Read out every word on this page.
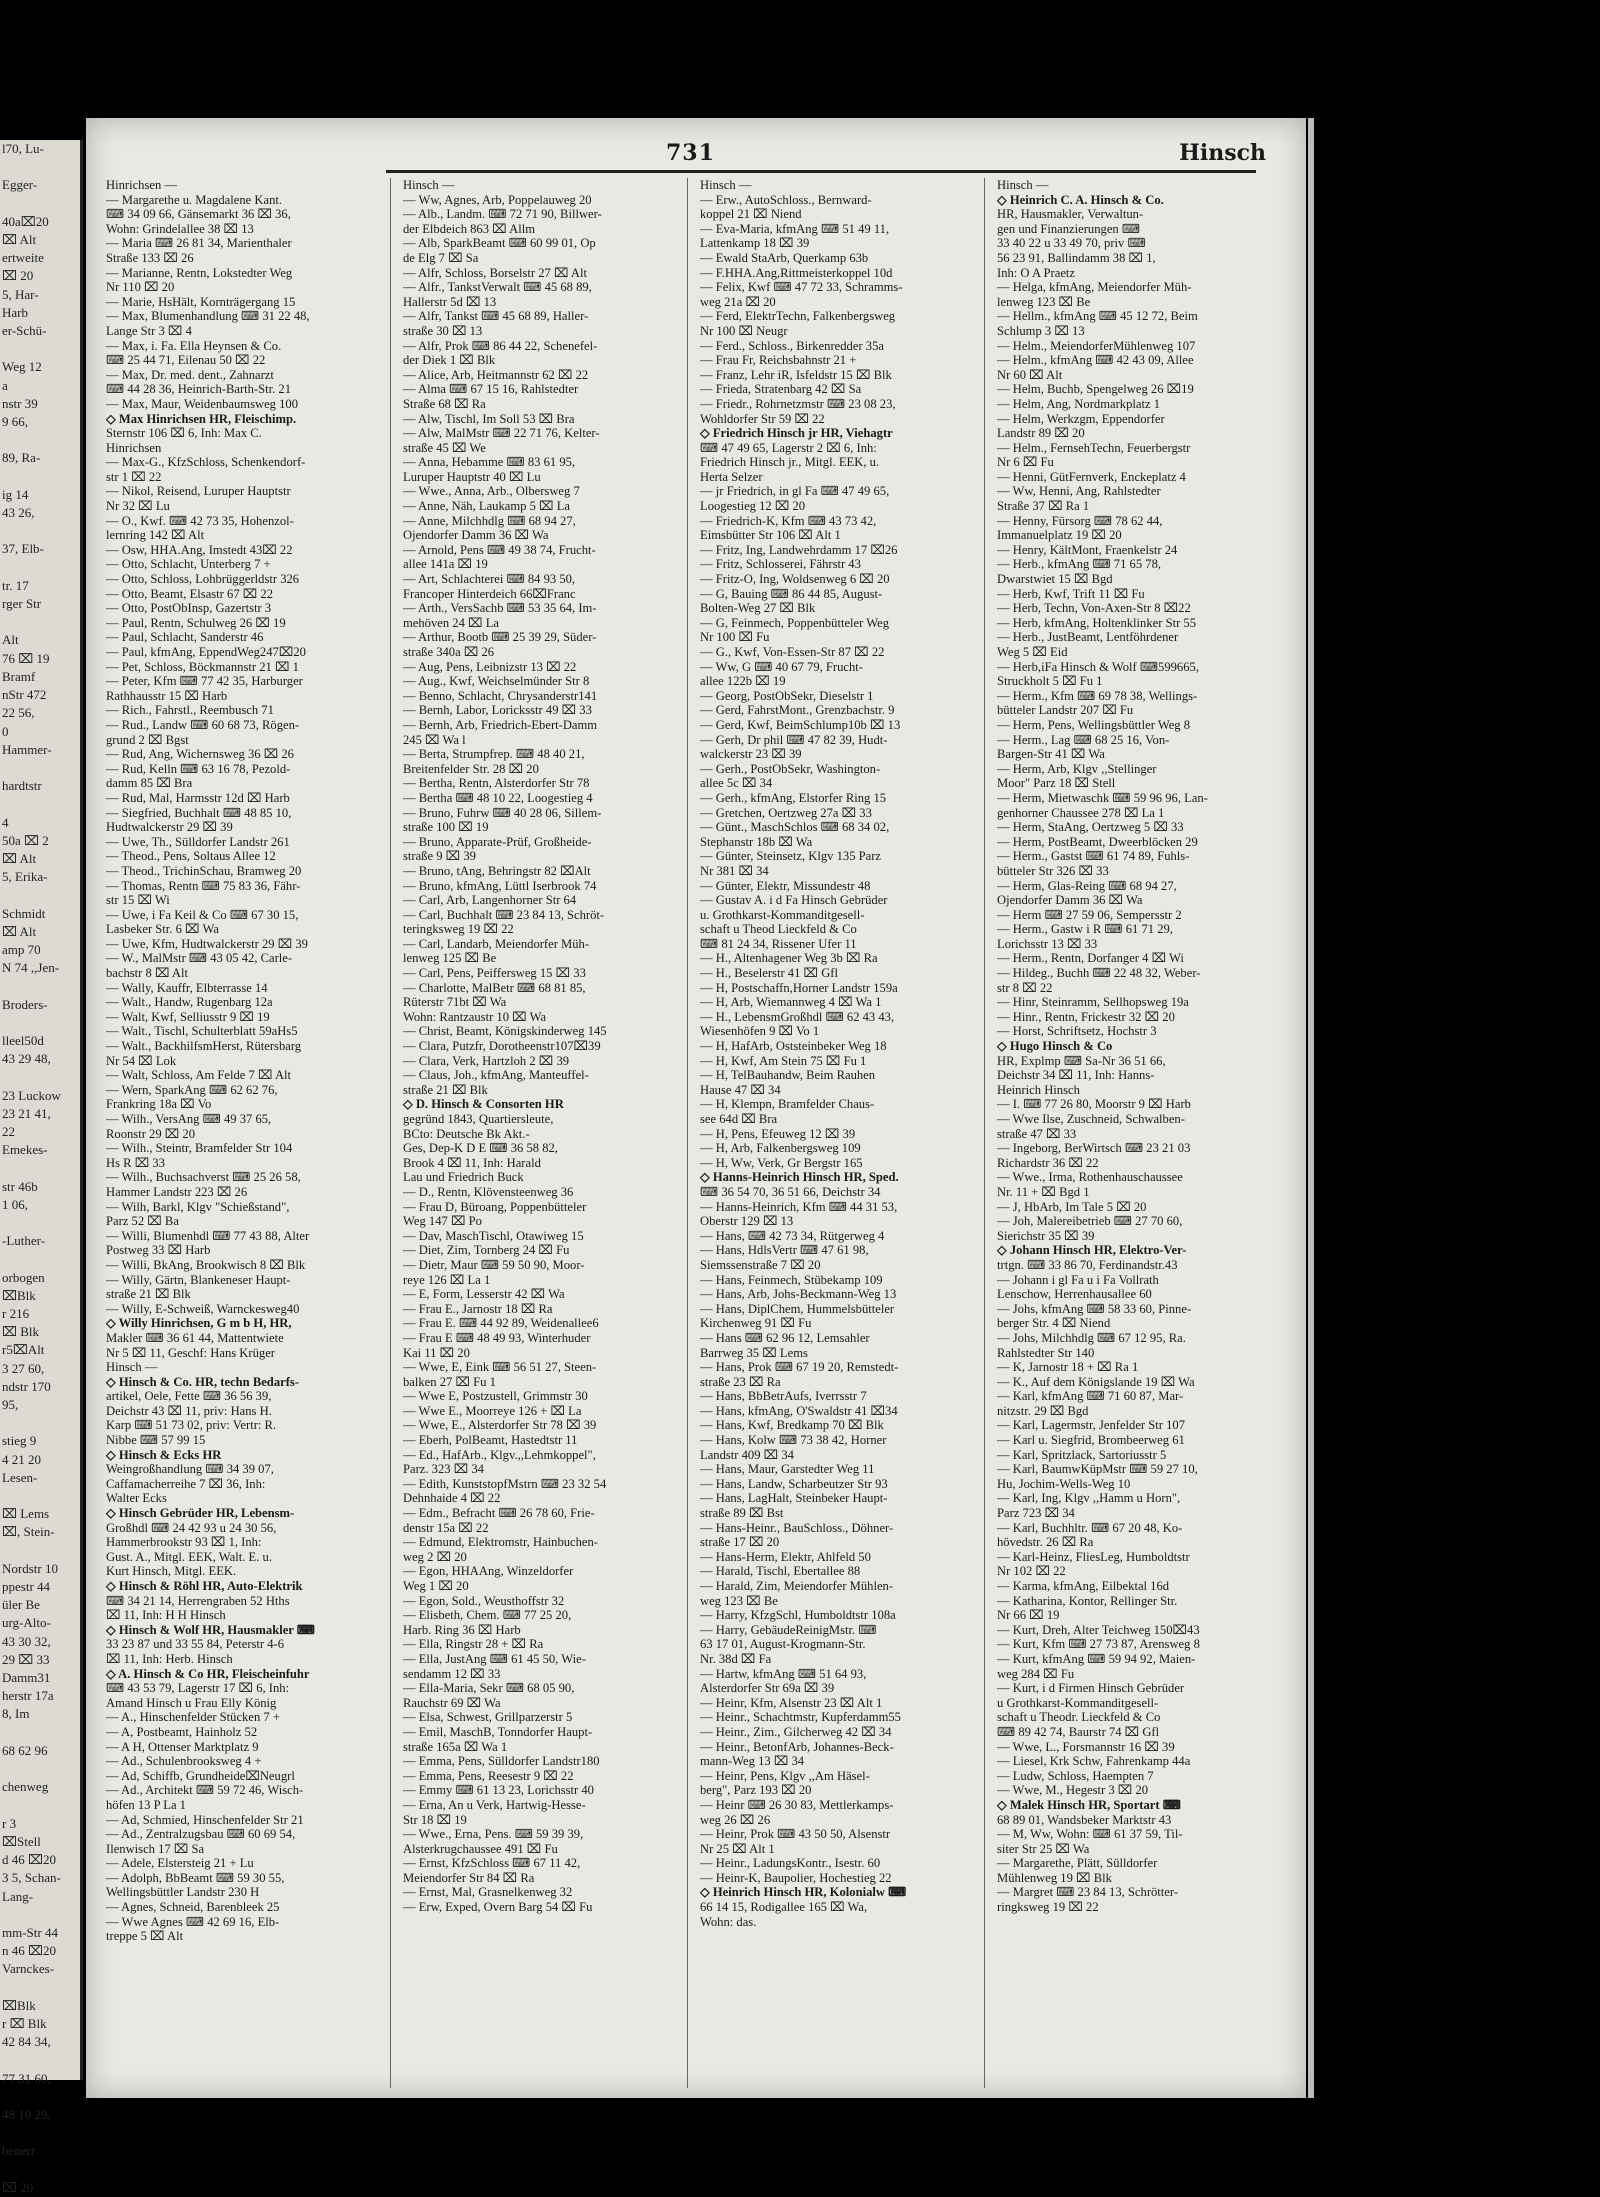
l70, Lu-

Egger-

40a⌧20
⌧ Alt
ertweite
⌧ 20
5, Har-
Harb
er-Schü-

Weg 12
a
nstr 39
9 66,

89, Ra-

ig 14
43 26,

37, Elb-

tr. 17
rger Str

Alt
76 ⌧ 19
Bramf
nStr 472
22 56,
0
Hammer-

hardtstr

4
50a ⌧ 2
⌧ Alt
5, Erika-

Schmidt
⌧ Alt
amp 70
N 74 ,,Jen-

Broders-

lleel50d
43 29 48,

23 Luckow
23 21 41,
22
Emekes-

str 46b
1 06,

-Luther-

orbogen
⌧Blk
r 216
⌧ Blk
r5⌧Alt
3 27 60,
ndstr 170
95,

stieg 9
4 21 20
Lesen-

⌧ Lems
⌧, Stein-

Nordstr 10
ppestr 44
üler Be
urg-Alto-
43 30 32,
29 ⌧ 33
Damm31
herstr 17a
8, Im

68 62 96

chenweg

r 3
⌧Stell
d 46 ⌧20
3 5, Schan-
Lang-

mm-Str 44
n 46 ⌧20
Varnckes-

⌧Blk
r ⌧ Blk
42 84 34,

77 31 60,

48 10 29,

benerr

⌧ 20
731	Hinsch
Hinrichsen —
— Margarethe u. Magdalene Kant.
⌨ 34 09 66, Gänsemarkt 36 ⌧ 36,
Wohn: Grindelallee 38 ⌧ 13
— Maria ⌨ 26 81 34, Marienthaler
Straße 133 ⌧ 26
— Marianne, Rentn, Lokstedter Weg
Nr 110 ⌧ 20
— Marie, HsHält, Kornträgergang 15
— Max, Blumenhandlung ⌨ 31 22 48,
Lange Str 3 ⌧ 4
— Max, i. Fa. Ella Heynsen & Co.
⌨ 25 44 71, Eilenau 50 ⌧ 22
— Max, Dr. med. dent., Zahnarzt
⌨ 44 28 36, Heinrich-Barth-Str. 21
— Max, Maur, Weidenbaumsweg 100
◇ Max Hinrichsen HR, Fleischimp.
Sternstr 106 ⌧ 6, Inh: Max C.
Hinrichsen
— Max-G., KfzSchloss, Schenkendorf-
str 1 ⌧ 22
— Nikol, Reisend, Luruper Hauptstr
Nr 32 ⌧ Lu
— O., Kwf. ⌨ 42 73 35, Hohenzol-
lernring 142 ⌧ Alt
— Osw, HHA.Ang, Imstedt 43⌧ 22
— Otto, Schlacht, Unterberg 7 +
— Otto, Schloss, Lohbrüggerldstr 326
— Otto, Beamt, Elsastr 67 ⌧ 22
— Otto, PostObInsp, Gazertstr 3
— Paul, Rentn, Schulweg 26 ⌧ 19
— Paul, Schlacht, Sanderstr 46
— Paul, kfmAng, EppendWeg247⌧20
— Pet, Schloss, Böckmannstr 21 ⌧ 1
— Peter, Kfm ⌨ 77 42 35, Harburger
Rathhausstr 15 ⌧ Harb
— Rich., Fahrstl., Reembusch 71
— Rud., Landw ⌨ 60 68 73, Rögen-
grund 2 ⌧ Bgst
— Rud, Ang, Wichernsweg 36 ⌧ 26
— Rud, Kelln ⌨ 63 16 78, Pezold-
damm 85 ⌧ Bra
— Rud, Mal, Harmsstr 12d ⌧ Harb
— Siegfried, Buchhalt ⌨ 48 85 10,
Hudtwalckerstr 29 ⌧ 39
— Uwe, Th., Sülldorfer Landstr 261
— Theod., Pens, Soltaus Allee 12
— Theod., TrichinSchau, Bramweg 20
— Thomas, Rentn ⌨ 75 83 36, Fähr-
str 15 ⌧ Wi
— Uwe, i Fa Keil & Co ⌨ 67 30 15,
Lasbeker Str. 6 ⌧ Wa
— Uwe, Kfm, Hudtwalckerstr 29 ⌧ 39
— W., MalMstr ⌨ 43 05 42, Carle-
bachstr 8 ⌧ Alt
— Wally, Kauffr, Elbterrasse 14
— Walt., Handw, Rugenbarg 12a
— Walt, Kwf, Selliusstr 9 ⌧ 19
— Walt., Tischl, Schulterblatt 59aHs5
— Walt., BackhilfsmHerst, Rütersbarg
Nr 54 ⌧ Lok
— Walt, Schloss, Am Felde 7 ⌧ Alt
— Wern, SparkAng ⌨ 62 62 76,
Frankring 18a ⌧ Vo
— Wilh., VersAng ⌨ 49 37 65,
Roonstr 29 ⌧ 20
— Wilh., Steintr, Bramfelder Str 104
Hs R ⌧ 33
— Wilh., Buchsachverst ⌨ 25 26 58,
Hammer Landstr 223 ⌧ 26
— Wilh, Barkl, Klgv "Schießstand",
Parz 52 ⌧ Ba
— Willi, Blumenhdl ⌨ 77 43 88, Alter
Postweg 33 ⌧ Harb
— Willi, BkAng, Brookwisch 8 ⌧ Blk
— Willy, Gärtn, Blankeneser Haupt-
straße 21 ⌧ Blk
— Willy, E-Schweiß, Warnckesweg40
◇ Willy Hinrichsen, G m b H, HR,
Makler ⌨ 36 61 44, Mattentwiete
Nr 5 ⌧ 11, Geschf: Hans Krüger
Hinsch —
◇ Hinsch & Co. HR, techn Bedarfs-
artikel, Oele, Fette ⌨ 36 56 39,
Deichstr 43 ⌧ 11, priv: Hans H.
Karp ⌨ 51 73 02, priv: Vertr: R.
Nibbe ⌨ 57 99 15
◇ Hinsch & Ecks HR
Weingroßhandlung ⌨ 34 39 07,
Caffamacherreihe 7 ⌧ 36, Inh:
Walter Ecks
◇ Hinsch Gebrüder HR, Lebensm-
Großhdl ⌨ 24 42 93 u 24 30 56,
Hammerbrookstr 93 ⌧ 1, Inh:
Gust. A., Mitgl. EEK, Walt. E. u.
Kurt Hinsch, Mitgl. EEK.
◇ Hinsch & Röhl HR, Auto-Elektrik
⌨ 34 21 14, Herrengraben 52 Hths
⌧ 11, Inh: H H Hinsch
◇ Hinsch & Wolf HR, Hausmakler ⌨
33 23 87 und 33 55 84, Peterstr 4-6
⌧ 11, Inh: Herb. Hinsch
◇ A. Hinsch & Co HR, Fleischeinfuhr
⌨ 43 53 79, Lagerstr 17 ⌧ 6, Inh:
Amand Hinsch u Frau Elly König
— A., Hinschenfelder Stücken 7 +
— A, Postbeamt, Hainholz 52
— A H, Ottenser Marktplatz 9
— Ad., Schulenbrooksweg 4 +
— Ad, Schiffb, Grundheide⌧Neugrl
— Ad., Architekt ⌨ 59 72 46, Wisch-
höfen 13 P La 1
— Ad, Schmied, Hinschenfelder Str 21
— Ad., Zentralzugsbau ⌨ 60 69 54,
Ilenwisch 17 ⌧ Sa
— Adele, Elstersteig 21 + Lu
— Adolph, BbBeamt ⌨ 59 30 55,
Wellingsbüttler Landstr 230 H
— Agnes, Schneid, Barenbleek 25
— Wwe Agnes ⌨ 42 69 16, Elb-
treppe 5 ⌧ Alt
Hinsch —
— Ww, Agnes, Arb, Poppelauweg 20
— Alb., Landm. ⌨ 72 71 90, Billwer-
der Elbdeich 863 ⌧ Allm
— Alb, SparkBeamt ⌨ 60 99 01, Op
de Elg 7 ⌧ Sa
— Alfr, Schloss, Borselstr 27 ⌧ Alt
— Alfr., TankstVerwalt ⌨ 45 68 89,
Hallerstr 5d ⌧ 13
— Alfr, Tankst ⌨ 45 68 89, Haller-
straße 30 ⌧ 13
— Alfr, Prok ⌨ 86 44 22, Schenefel-
der Diek 1 ⌧ Blk
— Alice, Arb, Heitmannstr 62 ⌧ 22
— Alma ⌨ 67 15 16, Rahlstedter
Straße 68 ⌧ Ra
— Alw, Tischl, Im Soll 53 ⌧ Bra
— Alw, MalMstr ⌨ 22 71 76, Kelter-
straße 45 ⌧ We
— Anna, Hebamme ⌨ 83 61 95,
Luruper Hauptstr 40 ⌧ Lu
— Wwe., Anna, Arb., Olbersweg 7
— Anne, Näh, Laukamp 5 ⌧ La
— Anne, Milchhdlg ⌨ 68 94 27,
Ojendorfer Damm 36 ⌧ Wa
— Arnold, Pens ⌨ 49 38 74, Frucht-
allee 141a ⌧ 19
— Art, Schlachterei ⌨ 84 93 50,
Francoper Hinterdeich 66⌧Franc
— Arth., VersSachb ⌨ 53 35 64, Im-
mehöven 24 ⌧ La
— Arthur, Bootb ⌨ 25 39 29, Süder-
straße 340a ⌧ 26
— Aug, Pens, Leibnizstr 13 ⌧ 22
— Aug., Kwf, Weichselmünder Str 8
— Benno, Schlacht, Chrysanderstr141
— Bernh, Labor, Loricksstr 49 ⌧ 33
— Bernh, Arb, Friedrich-Ebert-Damm
245 ⌧ Wa l
— Berta, Strumpfrep. ⌨ 48 40 21,
Breitenfelder Str. 28 ⌧ 20
— Bertha, Rentn, Alsterdorfer Str 78
— Bertha ⌨ 48 10 22, Loogestieg 4
— Bruno, Fuhrw ⌨ 40 28 06, Sillem-
straße 100 ⌧ 19
— Bruno, Apparate-Prüf, Großheide-
straße 9 ⌧ 39
— Bruno, tAng, Behringstr 82 ⌧Alt
— Bruno, kfmAng, Lüttl Iserbrook 74
— Carl, Arb, Langenhorner Str 64
— Carl, Buchhalt ⌨ 23 84 13, Schröt-
teringksweg 19 ⌧ 22
— Carl, Landarb, Meiendorfer Müh-
lenweg 125 ⌧ Be
— Carl, Pens, Peiffersweg 15 ⌧ 33
— Charlotte, MalBetr ⌨ 68 81 85,
Rüterstr 71bt ⌧ Wa
Wohn: Rantzaustr 10 ⌧ Wa
— Christ, Beamt, Königskinderweg 145
— Clara, Putzfr, Dorotheenstr107⌧39
— Clara, Verk, Hartzloh 2 ⌧ 39
— Claus, Joh., kfmAng, Manteuffel-
straße 21 ⌧ Blk
◇ D. Hinsch & Consorten HR
gegründ 1843, Quartiersleute,
BCto: Deutsche Bk Akt.-
Ges, Dep-K D E ⌨ 36 58 82,
Brook 4 ⌧ 11, Inh: Harald
Lau und Friedrich Buck
— D., Rentn, Klövensteenweg 36
— Frau D, Büroang, Poppenbütteler
Weg 147 ⌧ Po
— Dav, MaschTischl, Otawiweg 15
— Diet, Zim, Tornberg 24 ⌧ Fu
— Dietr, Maur ⌨ 59 50 90, Moor-
reye 126 ⌧ La 1
— E, Form, Lesserstr 42 ⌧ Wa
— Frau E., Jarnostr 18 ⌧ Ra
— Frau E. ⌨ 44 92 89, Weidenallee6
— Frau E ⌨ 48 49 93, Winterhuder
Kai 11 ⌧ 20
— Wwe, E, Eink ⌨ 56 51 27, Steen-
balken 27 ⌧ Fu 1
— Wwe E, Postzustell, Grimmstr 30
— Wwe E., Moorreye 126 + ⌧ La
— Wwe, E., Alsterdorfer Str 78 ⌧ 39
— Eberh, PolBeamt, Hastedtstr 11
— Ed., HafArb., Klgv.,,Lehmkoppel",
Parz. 323 ⌧ 34
— Edith, KunststopfMstrn ⌨ 23 32 54
Dehnhaide 4 ⌧ 22
— Edm., Befracht ⌨ 26 78 60, Frie-
denstr 15a ⌧ 22
— Edmund, Elektromstr, Hainbuchen-
weg 2 ⌧ 20
— Egon, HHAAng, Winzeldorfer
Weg 1 ⌧ 20
— Egon, Sold., Weusthoffstr 32
— Elisbeth, Chem. ⌨ 77 25 20,
Harb. Ring 36 ⌧ Harb
— Ella, Ringstr 28 + ⌧ Ra
— Ella, JustAng ⌨ 61 45 50, Wie-
sendamm 12 ⌧ 33
— Ella-Maria, Sekr ⌨ 68 05 90,
Rauchstr 69 ⌧ Wa
— Elsa, Schwest, Grillparzerstr 5
— Emil, MaschB, Tonndorfer Haupt-
straße 165a ⌧ Wa 1
— Emma, Pens, Sülldorfer Landstr180
— Emma, Pens, Reesestr 9 ⌧ 22
— Emmy ⌨ 61 13 23, Lorichsstr 40
— Erna, An u Verk, Hartwig-Hesse-
Str 18 ⌧ 19
— Wwe., Erna, Pens. ⌨ 59 39 39,
Alsterkrugchaussee 491 ⌧ Fu
— Ernst, KfzSchloss ⌨ 67 11 42,
Meiendorfer Str 84 ⌧ Ra
— Ernst, Mal, Grasnelkenweg 32
— Erw, Exped, Overn Barg 54 ⌧ Fu
Hinsch —
— Erw., AutoSchloss., Bernward-
koppel 21 ⌧ Niend
— Eva-Maria, kfmAng ⌨ 51 49 11,
Lattenkamp 18 ⌧ 39
— Ewald StaArb, Querkamp 63b
— F.HHA.Ang,Rittmeisterkoppel 10d
— Felix, Kwf ⌨ 47 72 33, Schramms-
weg 21a ⌧ 20
— Ferd, ElektrTechn, Falkenbergsweg
Nr 100 ⌧ Neugr
— Ferd., Schloss., Birkenredder 35a
— Frau Fr, Reichsbahnstr 21 +
— Franz, Lehr iR, Isfeldstr 15 ⌧ Blk
— Frieda, Stratenbarg 42 ⌧ Sa
— Friedr., Rohrnetzmstr ⌨ 23 08 23,
Wohldorfer Str 59 ⌧ 22
◇ Friedrich Hinsch jr HR, Viehagtr
⌨ 47 49 65, Lagerstr 2 ⌧ 6, Inh:
Friedrich Hinsch jr., Mitgl. EEK, u.
Herta Selzer
— jr Friedrich, in gl Fa ⌨ 47 49 65,
Loogestieg 12 ⌧ 20
— Friedrich-K, Kfm ⌨ 43 73 42,
Eimsbütter Str 106 ⌧ Alt 1
— Fritz, Ing, Landwehrdamm 17 ⌧26
— Fritz, Schlosserei, Fährstr 43
— Fritz-O, Ing, Woldsenweg 6 ⌧ 20
— G, Bauing ⌨ 86 44 85, August-
Bolten-Weg 27 ⌧ Blk
— G, Feinmech, Poppenbütteler Weg
Nr 100 ⌧ Fu
— G., Kwf, Von-Essen-Str 87 ⌧ 22
— Ww, G ⌨ 40 67 79, Frucht-
allee 122b ⌧ 19
— Georg, PostObSekr, Dieselstr 1
— Gerd, FahrstMont., Grenzbachstr. 9
— Gerd, Kwf, BeimSchlump10b ⌧ 13
— Gerh, Dr phil ⌨ 47 82 39, Hudt-
walckerstr 23 ⌧ 39
— Gerh., PostObSekr, Washington-
allee 5c ⌧ 34
— Gerh., kfmAng, Elstorfer Ring 15
— Gretchen, Oertzweg 27a ⌧ 33
— Günt., MaschSchlos ⌨ 68 34 02,
Stephanstr 18b ⌧ Wa
— Günter, Steinsetz, Klgv 135 Parz
Nr 381 ⌧ 34
— Günter, Elektr, Missundestr 48
— Gustav A. i d Fa Hinsch Gebrüder
u. Grothkarst-Kommanditgesell-
schaft u Theod Lieckfeld & Co
⌨ 81 24 34, Rissener Ufer 11
— H., Altenhagener Weg 3b ⌧ Ra
— H., Beselerstr 41 ⌧ Gfl
— H, Postschaffn,Horner Landstr 159a
— H, Arb, Wiemannweg 4 ⌧ Wa 1
— H., LebensmGroßhdl ⌨ 62 43 43,
Wiesenhöfen 9 ⌧ Vo 1
— H, HafArb, Oststeinbeker Weg 18
— H, Kwf, Am Stein 75 ⌧ Fu 1
— H, TelBauhandw, Beim Rauhen
Hause 47 ⌧ 34
— H, Klempn, Bramfelder Chaus-
see 64d ⌧ Bra
— H, Pens, Efeuweg 12 ⌧ 39
— H, Arb, Falkenbergsweg 109
— H, Ww, Verk, Gr Bergstr 165
◇ Hanns-Heinrich Hinsch HR, Sped.
⌨ 36 54 70, 36 51 66, Deichstr 34
— Hanns-Heinrich, Kfm ⌨ 44 31 53,
Oberstr 129 ⌧ 13
— Hans, ⌨ 42 73 34, Rütgerweg 4
— Hans, HdlsVertr ⌨ 47 61 98,
Siemssenstraße 7 ⌧ 20
— Hans, Feinmech, Stübekamp 109
— Hans, Arb, Johs-Beckmann-Weg 13
— Hans, DiplChem, Hummelsbütteler
Kirchenweg 91 ⌧ Fu
— Hans ⌨ 62 96 12, Lemsahler
Barrweg 35 ⌧ Lems
— Hans, Prok ⌨ 67 19 20, Remstedt-
straße 23 ⌧ Ra
— Hans, BbBetrAufs, Iverrsstr 7
— Hans, kfmAng, O'Swaldstr 41 ⌧34
— Hans, Kwf, Bredkamp 70 ⌧ Blk
— Hans, Kolw ⌨ 73 38 42, Horner
Landstr 409 ⌧ 34
— Hans, Maur, Garstedter Weg 11
— Hans, Landw, Scharbeutzer Str 93
— Hans, LagHalt, Steinbeker Haupt-
straße 89 ⌧ Bst
— Hans-Heinr., BauSchloss., Döhner-
straße 17 ⌧ 20
— Hans-Herm, Elektr, Ahlfeld 50
— Harald, Tischl, Ebertallee 88
— Harald, Zim, Meiendorfer Mühlen-
weg 123 ⌧ Be
— Harry, KfzgSchl, Humboldtstr 108a
— Harry, GebäudeReinigMstr. ⌨
63 17 01, August-Krogmann-Str.
Nr. 38d ⌧ Fa
— Hartw, kfmAng ⌨ 51 64 93,
Alsterdorfer Str 69a ⌧ 39
— Heinr, Kfm, Alsenstr 23 ⌧ Alt 1
— Heinr., Schachtmstr, Kupferdamm55
— Heinr., Zim., Gilcherweg 42 ⌧ 34
— Heinr., BetonfArb, Johannes-Beck-
mann-Weg 13 ⌧ 34
— Heinr, Pens, Klgv ,,Am Häsel-
berg", Parz 193 ⌧ 20
— Heinr ⌨ 26 30 83, Mettlerkamps-
weg 26 ⌧ 26
— Heinr, Prok ⌨ 43 50 50, Alsenstr
Nr 25 ⌧ Alt 1
— Heinr., LadungsKontr., Isestr. 60
— Heinr-K, Baupolier, Hochestieg 22
◇ Heinrich Hinsch HR, Kolonialw ⌨
66 14 15, Rodigallee 165 ⌧ Wa,
Wohn: das.
Hinsch —
◇ Heinrich C. A. Hinsch & Co.
HR, Hausmakler, Verwaltun-
gen und Finanzierungen ⌨
33 40 22 u 33 49 70, priv ⌨
56 23 91, Ballindamm 38 ⌧ 1,
Inh: O A Praetz
— Helga, kfmAng, Meiendorfer Müh-
lenweg 123 ⌧ Be
— Hellm., kfmAng ⌨ 45 12 72, Beim
Schlump 3 ⌧ 13
— Helm., MeiendorferMühlenweg 107
— Helm., kfmAng ⌨ 42 43 09, Allee
Nr 60 ⌧ Alt
— Helm, Buchb, Spengelweg 26 ⌧19
— Helm, Ang, Nordmarkplatz 1
— Helm, Werkzgm, Eppendorfer
Landstr 89 ⌧ 20
— Helm., FernsehTechn, Feuerbergstr
Nr 6 ⌧ Fu
— Henni, GütFernverk, Enckeplatz 4
— Ww, Henni, Ang, Rahlstedter
Straße 37 ⌧ Ra 1
— Henny, Fürsorg ⌨ 78 62 44,
Immanuelplatz 19 ⌧ 20
— Henry, KältMont, Fraenkelstr 24
— Herb., kfmAng ⌨ 71 65 78,
Dwarstwiet 15 ⌧ Bgd
— Herb, Kwf, Trift 11 ⌧ Fu
— Herb, Techn, Von-Axen-Str 8 ⌧22
— Herb, kfmAng, Holtenklinker Str 55
— Herb., JustBeamt, Lentföhrdener
Weg 5 ⌧ Eid
— Herb,iFa Hinsch & Wolf ⌨599665,
Struckholt 5 ⌧ Fu 1
— Herm., Kfm ⌨ 69 78 38, Wellings-
bütteler Landstr 207 ⌧ Fu
— Herm, Pens, Wellingsbüttler Weg 8
— Herm., Lag ⌨ 68 25 16, Von-
Bargen-Str 41 ⌧ Wa
— Herm, Arb, Klgv ,,Stellinger
Moor" Parz 18 ⌧ Stell
— Herm, Mietwaschk ⌨ 59 96 96, Lan-
genhorner Chaussee 278 ⌧ La 1
— Herm, StaAng, Oertzweg 5 ⌧ 33
— Herm, PostBeamt, Dweerblöcken 29
— Herm., Gastst ⌨ 61 74 89, Fuhls-
bütteler Str 326 ⌧ 33
— Herm, Glas-Reing ⌨ 68 94 27,
Ojendorfer Damm 36 ⌧ Wa
— Herm ⌨ 27 59 06, Sempersstr 2
— Herm., Gastw i R ⌨ 61 71 29,
Lorichsstr 13 ⌧ 33
— Herm., Rentn, Dorfanger 4 ⌧ Wi
— Hildeg., Buchh ⌨ 22 48 32, Weber-
str 8 ⌧ 22
— Hinr, Steinramm, Sellhopsweg 19a
— Hinr., Rentn, Frickestr 32 ⌧ 20
— Horst, Schriftsetz, Hochstr 3
◇ Hugo Hinsch & Co
HR, Explmp ⌨ Sa-Nr 36 51 66,
Deichstr 34 ⌧ 11, Inh: Hanns-
Heinrich Hinsch
— I. ⌨ 77 26 80, Moorstr 9 ⌧ Harb
— Wwe Ilse, Zuschneid, Schwalben-
straße 47 ⌧ 33
— Ingeborg, BerWirtsch ⌨ 23 21 03
Richardstr 36 ⌧ 22
— Wwe., Irma, Rothenhauschaussee
Nr. 11 + ⌧ Bgd 1
— J, HbArb, Im Tale 5 ⌧ 20
— Joh, Malereibetrieb ⌨ 27 70 60,
Sierichstr 35 ⌧ 39
◇ Johann Hinsch HR, Elektro-Ver-
trtgn. ⌨ 33 86 70, Ferdinandstr.43
— Johann i gl Fa u i Fa Vollrath
Lenschow, Herrenhausallee 60
— Johs, kfmAng ⌨ 58 33 60, Pinne-
berger Str. 4 ⌧ Niend
— Johs, Milchhdlg ⌨ 67 12 95, Ra.
Rahlstedter Str 140
— K, Jarnostr 18 + ⌧ Ra 1
— K., Auf dem Königslande 19 ⌧ Wa
— Karl, kfmAng ⌨ 71 60 87, Mar-
nitzstr. 29 ⌧ Bgd
— Karl, Lagermstr, Jenfelder Str 107
— Karl u. Siegfrid, Brombeerweg 61
— Karl, Spritzlack, Sartoriusstr 5
— Karl, BaumwKüpMstr ⌨ 59 27 10,
Hu, Jochim-Wells-Weg 10
— Karl, Ing, Klgv ,,Hamm u Horn",
Parz 723 ⌧ 34
— Karl, Buchhltr. ⌨ 67 20 48, Ko-
hövedstr. 26 ⌧ Ra
— Karl-Heinz, FliesLeg, Humboldtstr
Nr 102 ⌧ 22
— Karma, kfmAng, Eilbektal 16d
— Katharina, Kontor, Rellinger Str.
Nr 66 ⌧ 19
— Kurt, Dreh, Alter Teichweg 150⌧43
— Kurt, Kfm ⌨ 27 73 87, Arensweg 8
— Kurt, kfmAng ⌨ 59 94 92, Maien-
weg 284 ⌧ Fu
— Kurt, i d Firmen Hinsch Gebrüder
u Grothkarst-Kommanditgesell-
schaft u Theodr. Lieckfeld & Co
⌨ 89 42 74, Baurstr 74 ⌧ Gfl
— Wwe, L., Forsmannstr 16 ⌧ 39
— Liesel, Krk Schw, Fahrenkamp 44a
— Ludw, Schloss, Haempten 7
— Wwe, M., Hegestr 3 ⌧ 20
◇ Malek Hinsch HR, Sportart ⌨
68 89 01, Wandsbeker Marktstr 43
— M, Ww, Wohn: ⌨ 61 37 59, Til-
siter Str 25 ⌧ Wa
— Margarethe, Plätt, Sülldorfer
Mühlenweg 19 ⌧ Blk
— Margret ⌨ 23 84 13, Schrötter-
ringksweg 19 ⌧ 22
